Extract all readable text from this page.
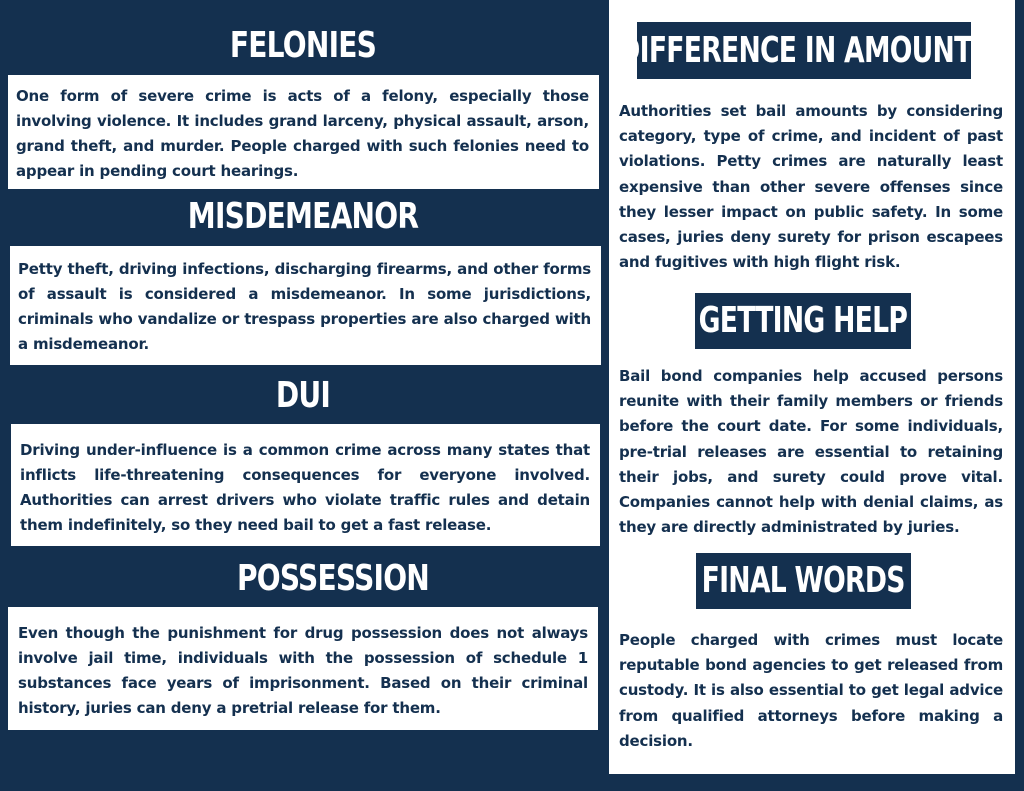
FELONIES

One form of severe crime is acts of a felony, especially those involving violence. It includes grand larceny, physical assault, arson, grand theft, and murder. People charged with such felonies need to appear in pending court hearings.

MISDEMEANOR

Petty theft, driving infections, discharging firearms, and other forms of assault is considered a misdemeanor. In some jurisdictions, criminals who vandalize or trespass properties are also charged with a misdemeanor.

DUI

Driving under-influence is a common crime across many states that inflicts life-threatening consequences for everyone involved. Authorities can arrest drivers who violate traffic rules and detain them indefinitely, so they need bail to get a fast release.

POSSESSION

Even though the punishment for drug possession does not always involve jail time, individuals with the possession of schedule 1 substances face years of imprisonment. Based on their criminal history, juries can deny a pretrial release for them.

DIFFERENCE IN AMOUNTS
Authorities set bail amounts by considering category, type of crime, and incident of past violations. Petty crimes are naturally least expensive than other severe offenses since they lesser impact on public safety. In some cases, juries deny surety for prison escapees and fugitives with high flight risk.
GETTING HELP
Bail bond companies help accused persons reunite with their family members or friends before the court date. For some individuals, pre-trial releases are essential to retaining their jobs, and surety could prove vital. Companies cannot help with denial claims, as they are directly administrated by juries.
FINAL WORDS
People charged with crimes must locate reputable bond agencies to get released from custody. It is also essential to get legal advice from qualified attorneys before making a decision.
